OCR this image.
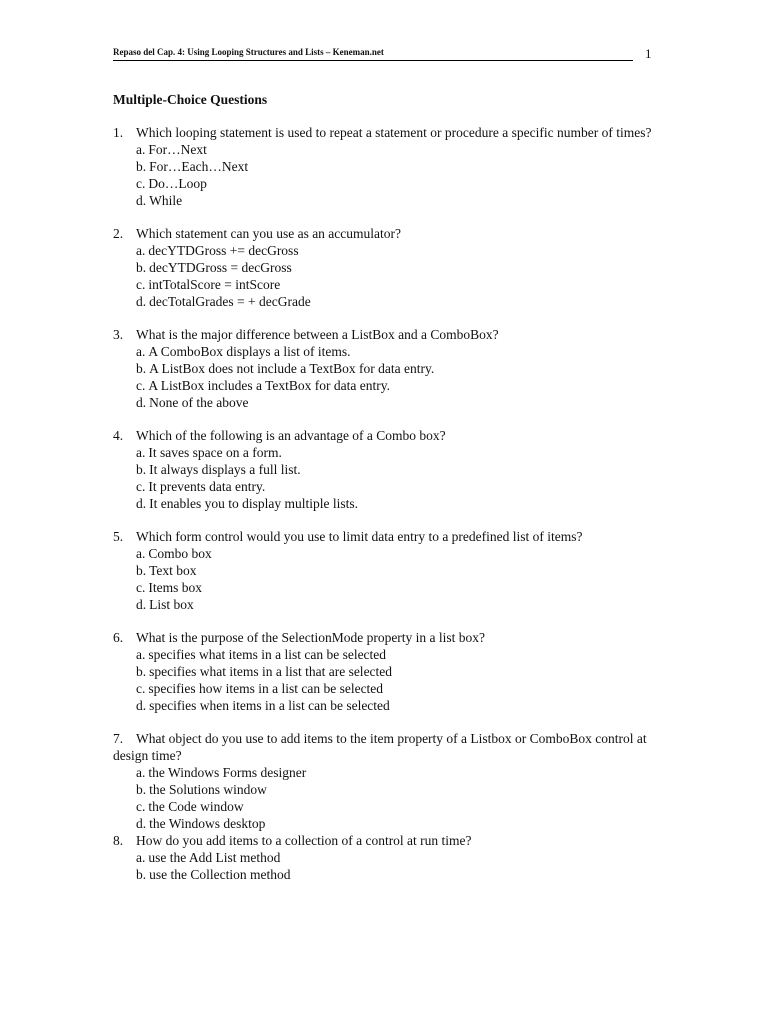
Repaso del Cap. 4: Using Looping Structures and Lists – Keneman.net	1
Multiple-Choice Questions

1. Which looping statement is used to repeat a statement or procedure a specific number of times?

a. For…Next
b. For…Each…Next
c. Do…Loop
d. While

2. Which statement can you use as an accumulator?

a. decYTDGross += decGross
b. decYTDGross = decGross
c. intTotalScore = intScore
d. decTotalGrades = + decGrade

3. What is the major difference between a ListBox and a ComboBox?

a. A ComboBox displays a list of items.
b. A ListBox does not include a TextBox for data entry.
c. A ListBox includes a TextBox for data entry.
d. None of the above

4. Which of the following is an advantage of a Combo box?

a. It saves space on a form.
b. It always displays a full list.
c. It prevents data entry.
d. It enables you to display multiple lists.

5. Which form control would you use to limit data entry to a predefined list of items?

a. Combo box
b. Text box
c. Items box
d. List box

6. What is the purpose of the SelectionMode property in a list box?

a. specifies what items in a list can be selected
b. specifies what items in a list that are selected
c. specifies how items in a list can be selected
d. specifies when items in a list can be selected

7. What object do you use to add items to the item property of a Listbox or ComboBox control at design time?

a. the Windows Forms designer
b. the Solutions window
c. the Code window
d. the Windows desktop

8. How do you add items to a collection of a control at run time?

a. use the Add List method
b. use the Collection method
